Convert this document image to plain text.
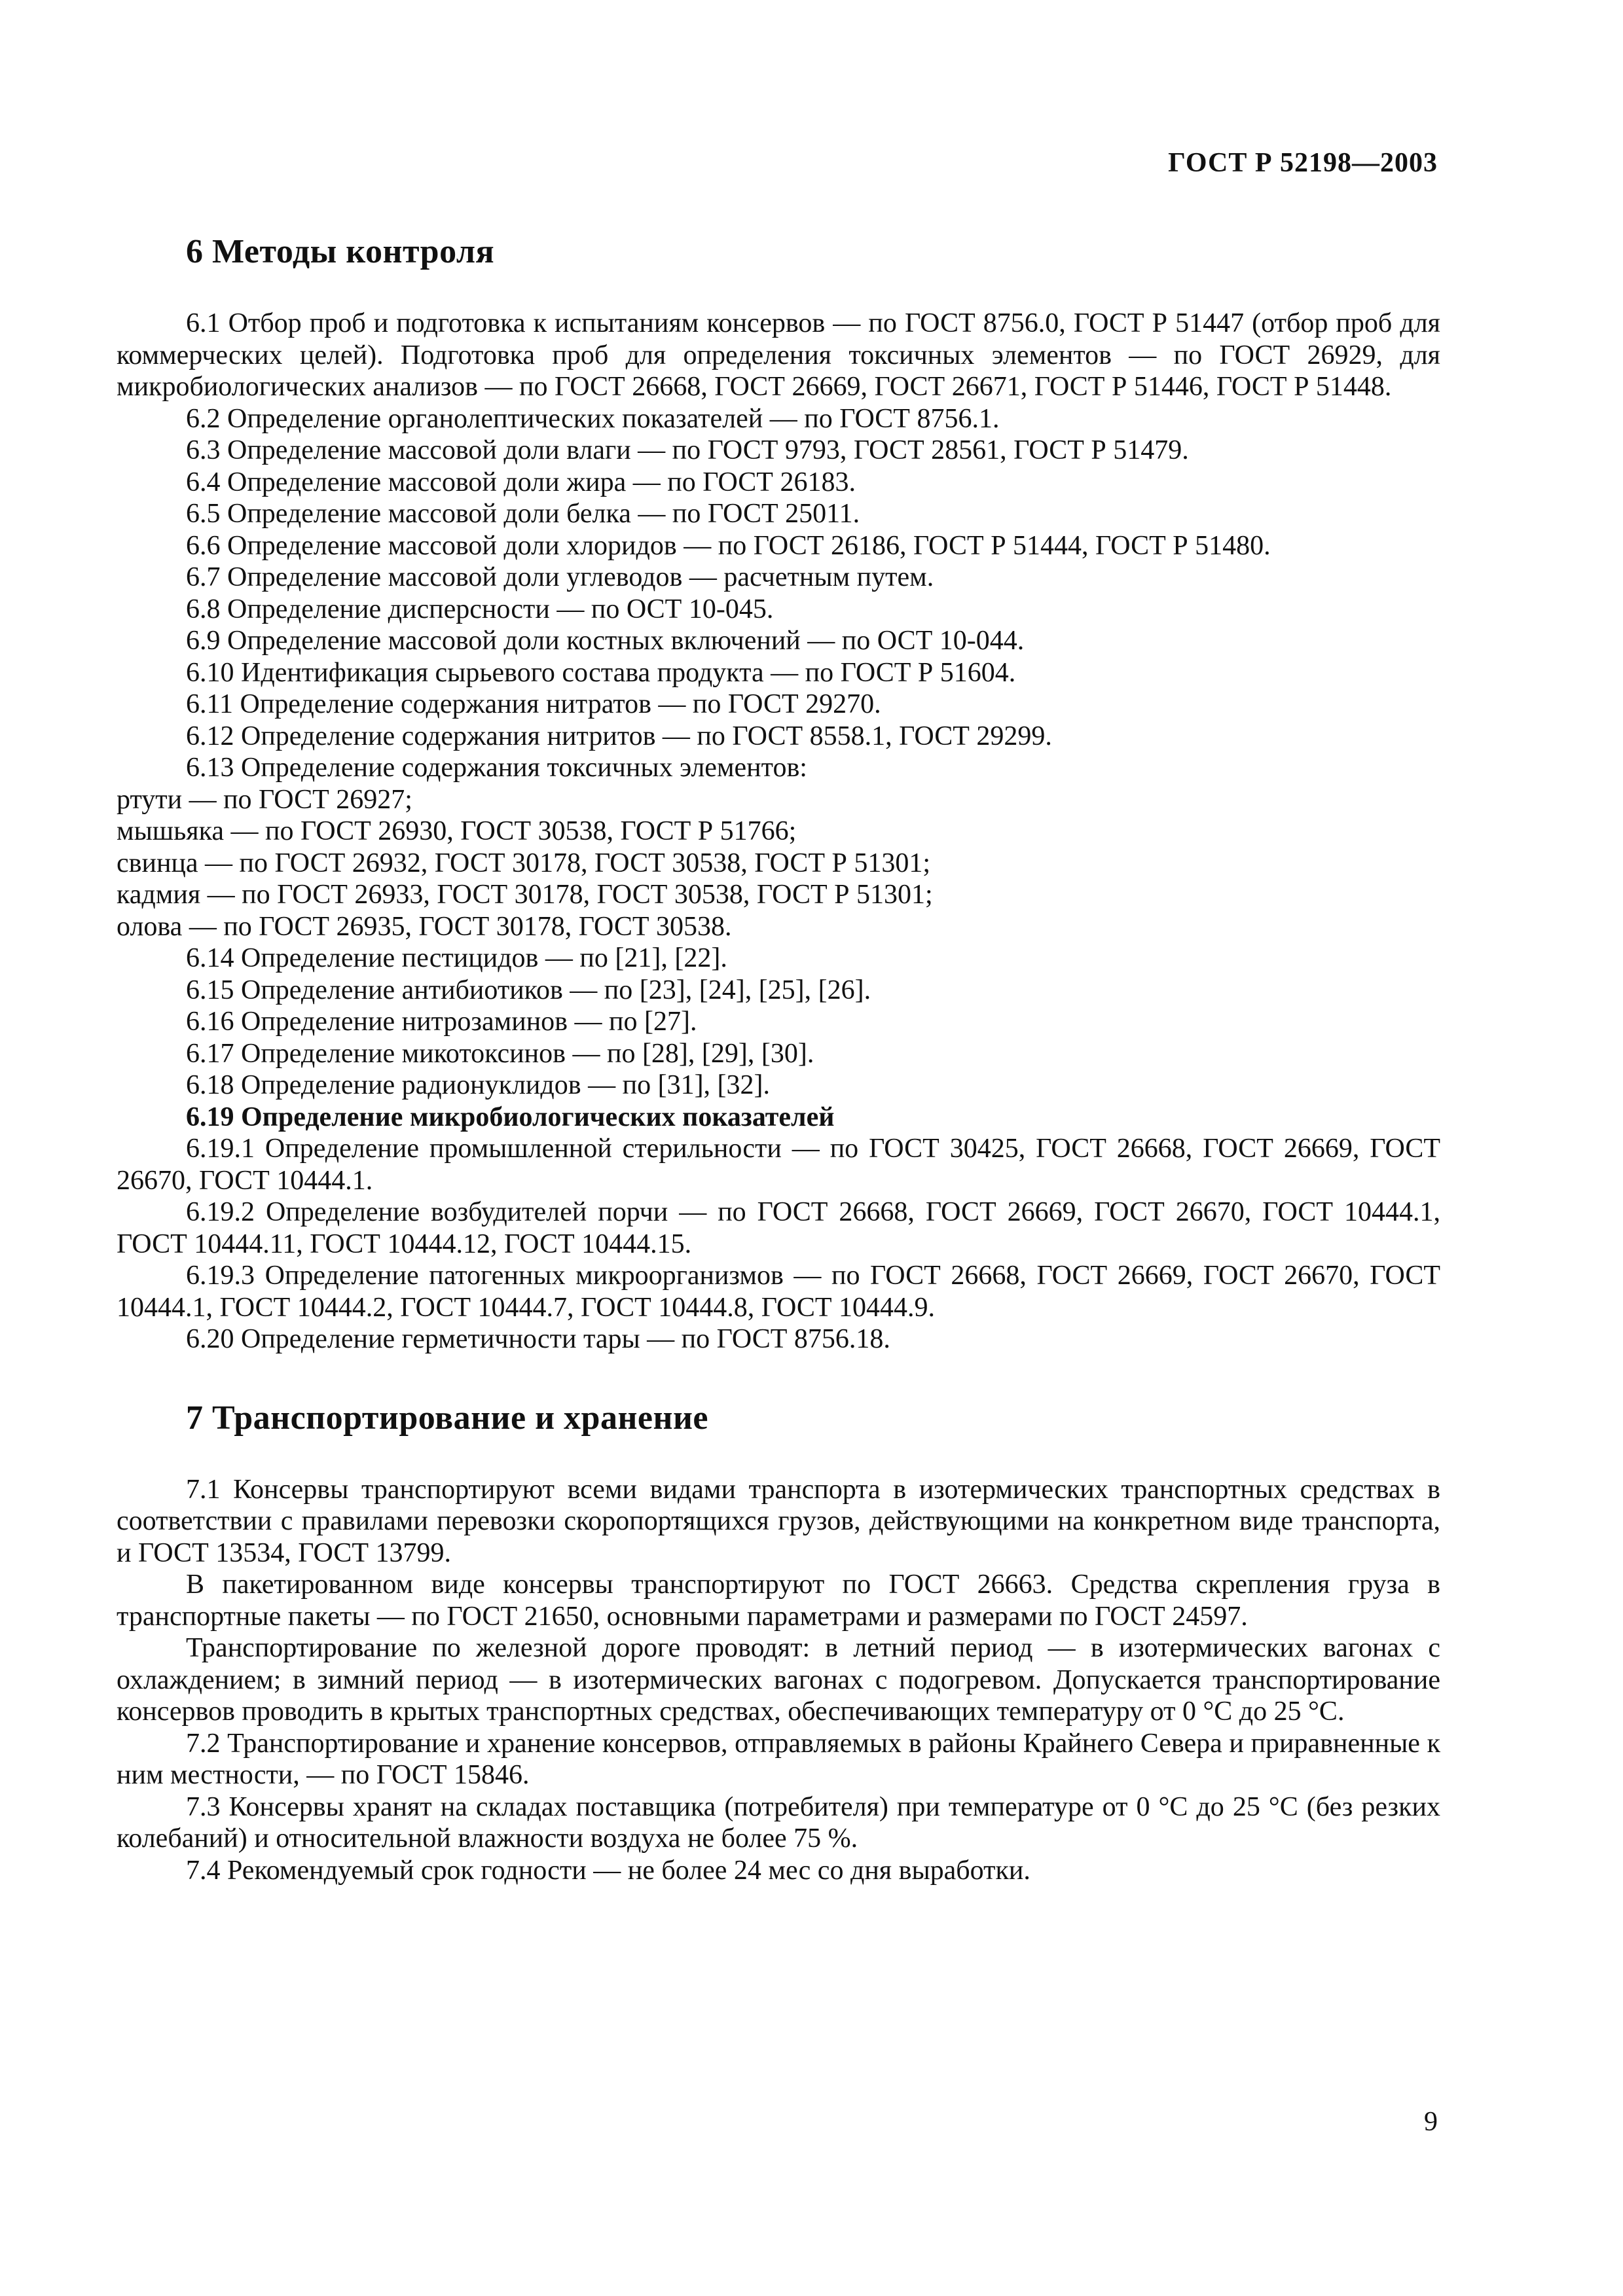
ГОСТ Р 52198—2003
6 Методы контроля

6.1 Отбор проб и подготовка к испытаниям консервов — по ГОСТ 8756.0, ГОСТ Р 51447 (отбор проб для коммерческих целей). Подготовка проб для определения токсичных элементов — по ГОСТ 26929, для микробиологических анализов — по ГОСТ 26668, ГОСТ 26669, ГОСТ 26671, ГОСТ Р 51446, ГОСТ Р 51448.

6.2 Определение органолептических показателей — по ГОСТ 8756.1.

6.3 Определение массовой доли влаги — по ГОСТ 9793, ГОСТ 28561, ГОСТ Р 51479.

6.4 Определение массовой доли жира — по ГОСТ 26183.

6.5 Определение массовой доли белка — по ГОСТ 25011.

6.6 Определение массовой доли хлоридов — по ГОСТ 26186, ГОСТ Р 51444, ГОСТ Р 51480.

6.7 Определение массовой доли углеводов — расчетным путем.

6.8 Определение дисперсности — по ОСТ 10-045.

6.9 Определение массовой доли костных включений — по ОСТ 10-044.

6.10 Идентификация сырьевого состава продукта — по ГОСТ Р 51604.

6.11 Определение содержания нитратов — по ГОСТ 29270.

6.12 Определение содержания нитритов — по ГОСТ 8558.1, ГОСТ 29299.

6.13 Определение содержания токсичных элементов:

ртути — по ГОСТ 26927;

мышьяка — по ГОСТ 26930, ГОСТ 30538, ГОСТ Р 51766;

свинца — по ГОСТ 26932, ГОСТ 30178, ГОСТ 30538, ГОСТ Р 51301;

кадмия — по ГОСТ 26933, ГОСТ 30178, ГОСТ 30538, ГОСТ Р 51301;

олова — по ГОСТ 26935, ГОСТ 30178, ГОСТ 30538.

6.14 Определение пестицидов — по [21], [22].

6.15 Определение антибиотиков — по [23], [24], [25], [26].

6.16 Определение нитрозаминов — по [27].

6.17 Определение микотоксинов — по [28], [29], [30].

6.18 Определение радионуклидов — по [31], [32].

6.19 Определение микробиологических показателей

6.19.1 Определение промышленной стерильности — по ГОСТ 30425, ГОСТ 26668, ГОСТ 26669, ГОСТ 26670, ГОСТ 10444.1.

6.19.2 Определение возбудителей порчи — по ГОСТ 26668, ГОСТ 26669, ГОСТ 26670, ГОСТ 10444.1, ГОСТ 10444.11, ГОСТ 10444.12, ГОСТ 10444.15.

6.19.3 Определение патогенных микроорганизмов — по ГОСТ 26668, ГОСТ 26669, ГОСТ 26670, ГОСТ 10444.1, ГОСТ 10444.2, ГОСТ 10444.7, ГОСТ 10444.8, ГОСТ 10444.9.

6.20 Определение герметичности тары — по ГОСТ 8756.18.

7 Транспортирование и хранение

7.1 Консервы транспортируют всеми видами транспорта в изотермических транспортных средствах в соответствии с правилами перевозки скоропортящихся грузов, действующими на конкретном виде транспорта, и ГОСТ 13534, ГОСТ 13799.

В пакетированном виде консервы транспортируют по ГОСТ 26663. Средства скрепления груза в транспортные пакеты — по ГОСТ 21650, основными параметрами и размерами по ГОСТ 24597.

Транспортирование по железной дороге проводят: в летний период — в изотермических вагонах с охлаждением; в зимний период — в изотермических вагонах с подогревом. Допускается транспортирование консервов проводить в крытых транспортных средствах, обеспечивающих температуру от 0 °С до 25 °С.

7.2 Транспортирование и хранение консервов, отправляемых в районы Крайнего Севера и приравненные к ним местности, — по ГОСТ 15846.

7.3 Консервы хранят на складах поставщика (потребителя) при температуре от 0 °С до 25 °С (без резких колебаний) и относительной влажности воздуха не более 75 %.

7.4 Рекомендуемый срок годности — не более 24 мес со дня выработки.

9
